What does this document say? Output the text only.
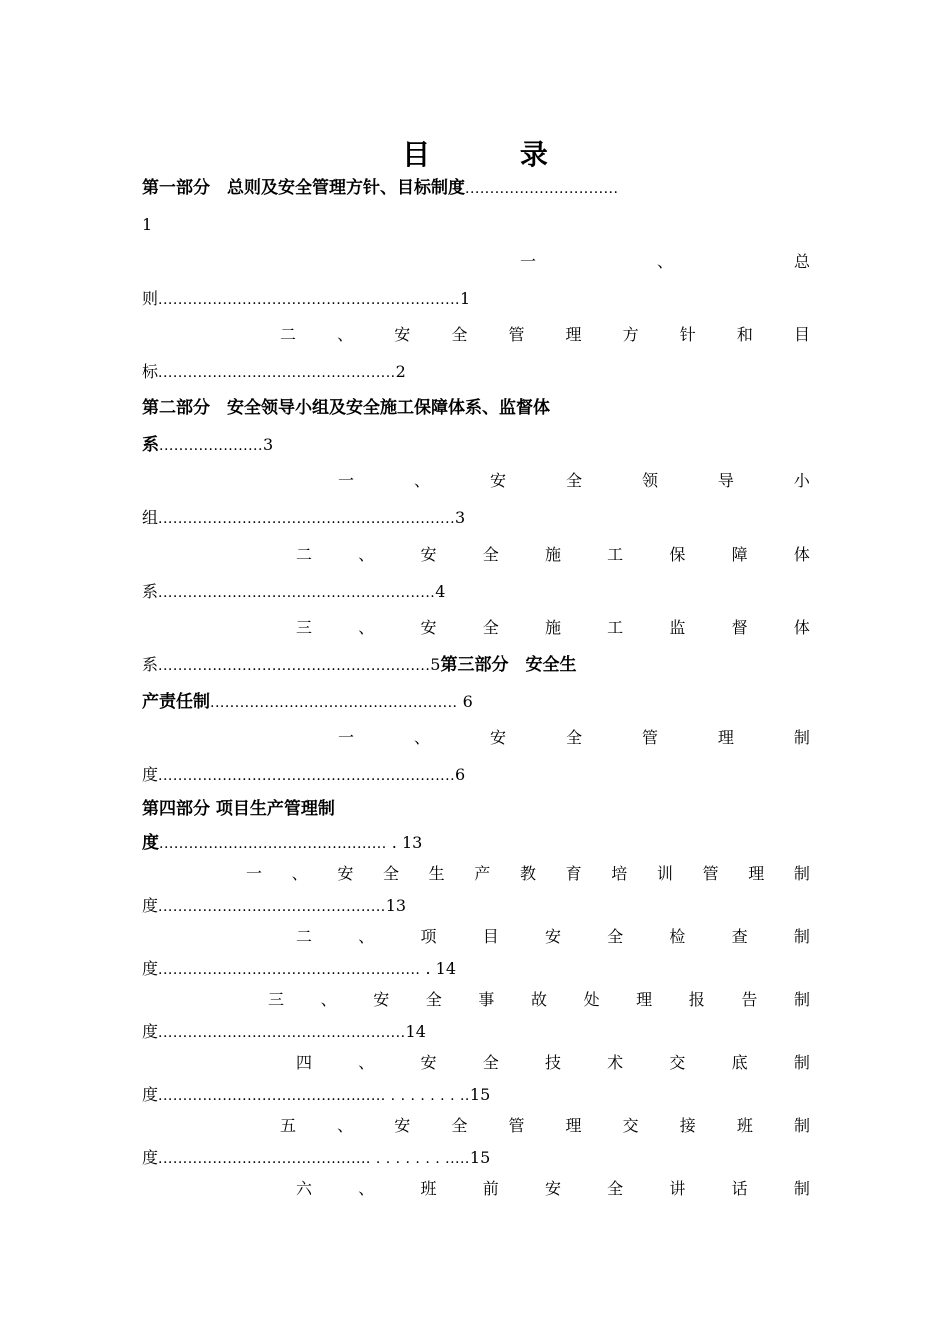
目 录
第一部分　总则及安全管理方针、目标制度...............................
1
一	、	总
则.............................................................1
二	、	安	全	管	理	方	针	和	目
标................................................2
第二部分　安全领导小组及安全施工保障体系、监督体
系.....................3
一	、	安	全	领	导	小
组............................................................3
二	、	安	全	施	工	保	障	体
系........................................................4
三	、	安	全	施	工	监	督	体
系.......................................................5第三部分　安全生
产责任制.................................................. 6
一	、	安	全	管	理	制
度............................................................6
第四部分 项目生产管理制
度.............................................. . 13
一 、 安 全 生 产 教 育 培 训 管 理 制
度..............................................13
二	、	项	目	安	全	检	查	制
度..................................................... . 14
三 、 安 全 事 故 处 理 报 告 制
度..................................................14
四	、	安	全	技	术	交	底	制
度.............................................. . . . . . . . ..15
五	、	安	全	管	理	交	接	班	制
度........................................... . . . . . . . .....15
六	、	班	前	安	全	讲	话	制
